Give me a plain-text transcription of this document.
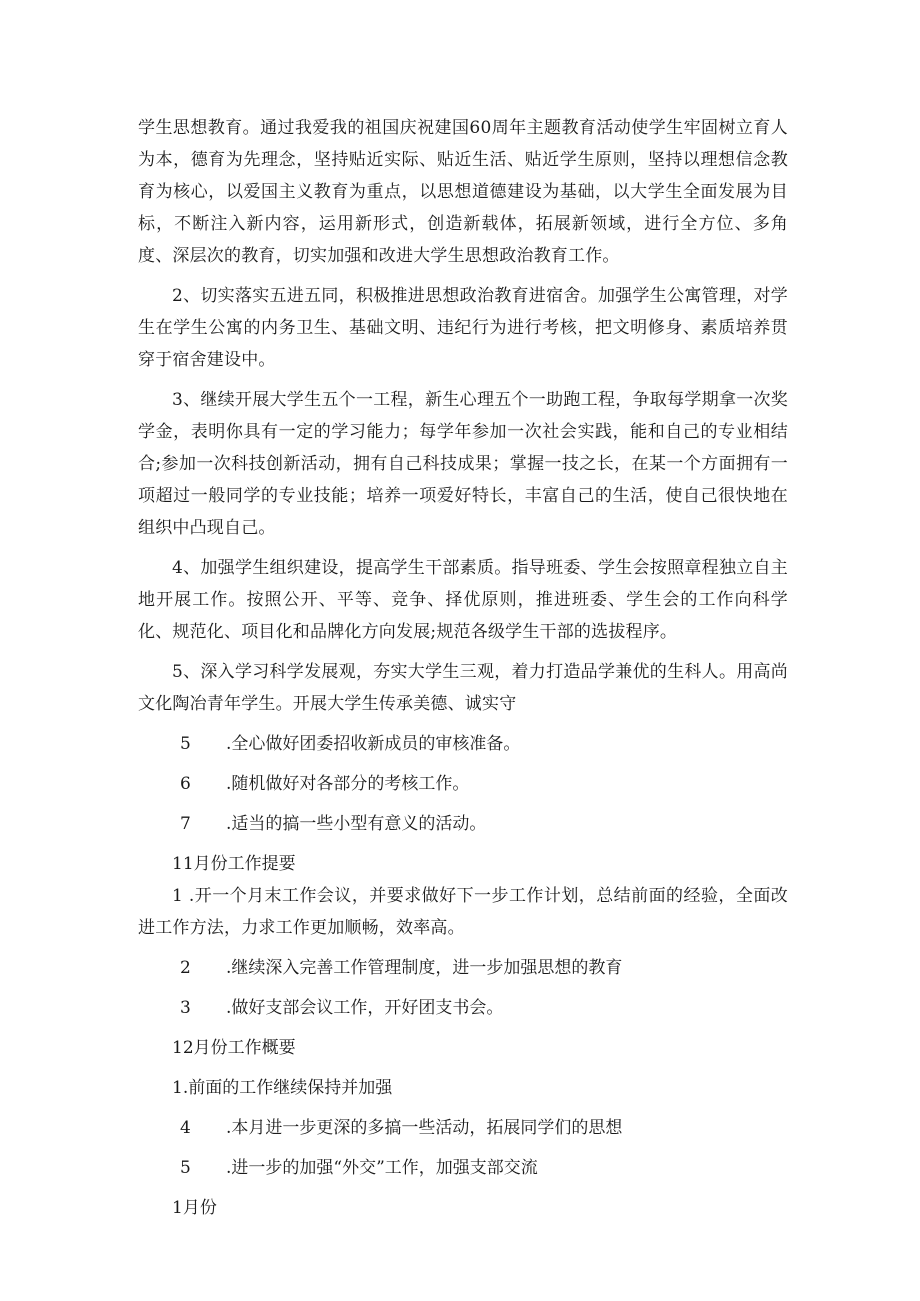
学生思想教育。通过我爱我的祖国庆祝建国60周年主题教育活动使学生牢固树立育人为本，德育为先理念，坚持贴近实际、贴近生活、贴近学生原则，坚持以理想信念教育为核心，以爱国主义教育为重点，以思想道德建设为基础，以大学生全面发展为目标，不断注入新内容，运用新形式，创造新载体，拓展新领域，进行全方位、多角度、深层次的教育，切实加强和改进大学生思想政治教育工作。

2、切实落实五进五同，积极推进思想政治教育进宿舍。加强学生公寓管理，对学生在学生公寓的内务卫生、基础文明、违纪行为进行考核，把文明修身、素质培养贯穿于宿舍建设中。

3、继续开展大学生五个一工程，新生心理五个一助跑工程，争取每学期拿一次奖学金，表明你具有一定的学习能力；每学年参加一次社会实践，能和自己的专业相结合;参加一次科技创新活动，拥有自己科技成果；掌握一技之长，在某一个方面拥有一项超过一般同学的专业技能；培养一项爱好特长，丰富自己的生活，使自己很快地在组织中凸现自己。

4、加强学生组织建设，提高学生干部素质。指导班委、学生会按照章程独立自主地开展工作。按照公开、平等、竞争、择优原则，推进班委、学生会的工作向科学化、规范化、项目化和品牌化方向发展;规范各级学生干部的选拔程序。

5、深入学习科学发展观，夯实大学生三观，着力打造品学兼优的生科人。用高尚文化陶冶青年学生。开展大学生传承美德、诚实守

5 .全心做好团委招收新成员的审核准备。
6 .随机做好对各部分的考核工作。
7 .适当的搞一些小型有意义的活动。

11月份工作提要

1 .开一个月末工作会议，并要求做好下一步工作计划，总结前面的经验，全面改进工作方法，力求工作更加顺畅，效率高。

2 .继续深入完善工作管理制度，进一步加强思想的教育
3 .做好支部会议工作，开好团支书会。

12月份工作概要

1.前面的工作继续保持并加强

4 .本月进一步更深的多搞一些活动，拓展同学们的思想
5 .进一步的加强“外交”工作，加强支部交流

1月份
